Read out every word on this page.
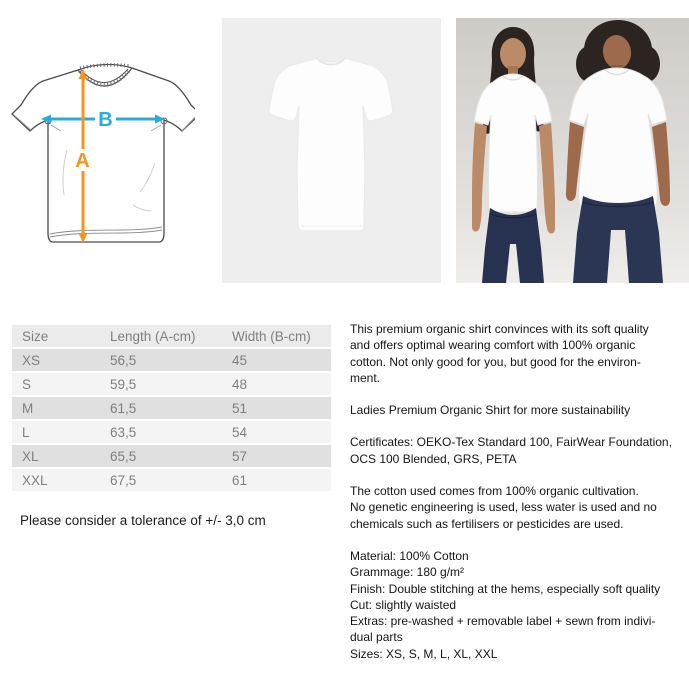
B
A
Size	Length (A-cm)	Width (B-cm)
XS	56,5	45
S	59,5	48
M	61,5	51
L	63,5	54
XL	65,5	57
XXL	67,5	61
Please consider a tolerance of +/- 3,0 cm
This premium organic shirt convinces with its soft quality
and offers optimal wearing comfort with 100% organic
cotton. Not only good for you, but good for the environ-
ment.
Ladies Premium Organic Shirt for more sustainability
Certificates: OEKO-Tex Standard 100, FairWear Foundation,
OCS 100 Blended, GRS, PETA
The cotton used comes from 100% organic cultivation.
No genetic engineering is used, less water is used and no
chemicals such as fertilisers or pesticides are used.
Material: 100% Cotton
Grammage: 180 g/m²
Finish: Double stitching at the hems, especially soft quality
Cut: slightly waisted
Extras: pre-washed + removable label + sewn from indivi-
dual parts
Sizes: XS, S, M, L, XL, XXL
